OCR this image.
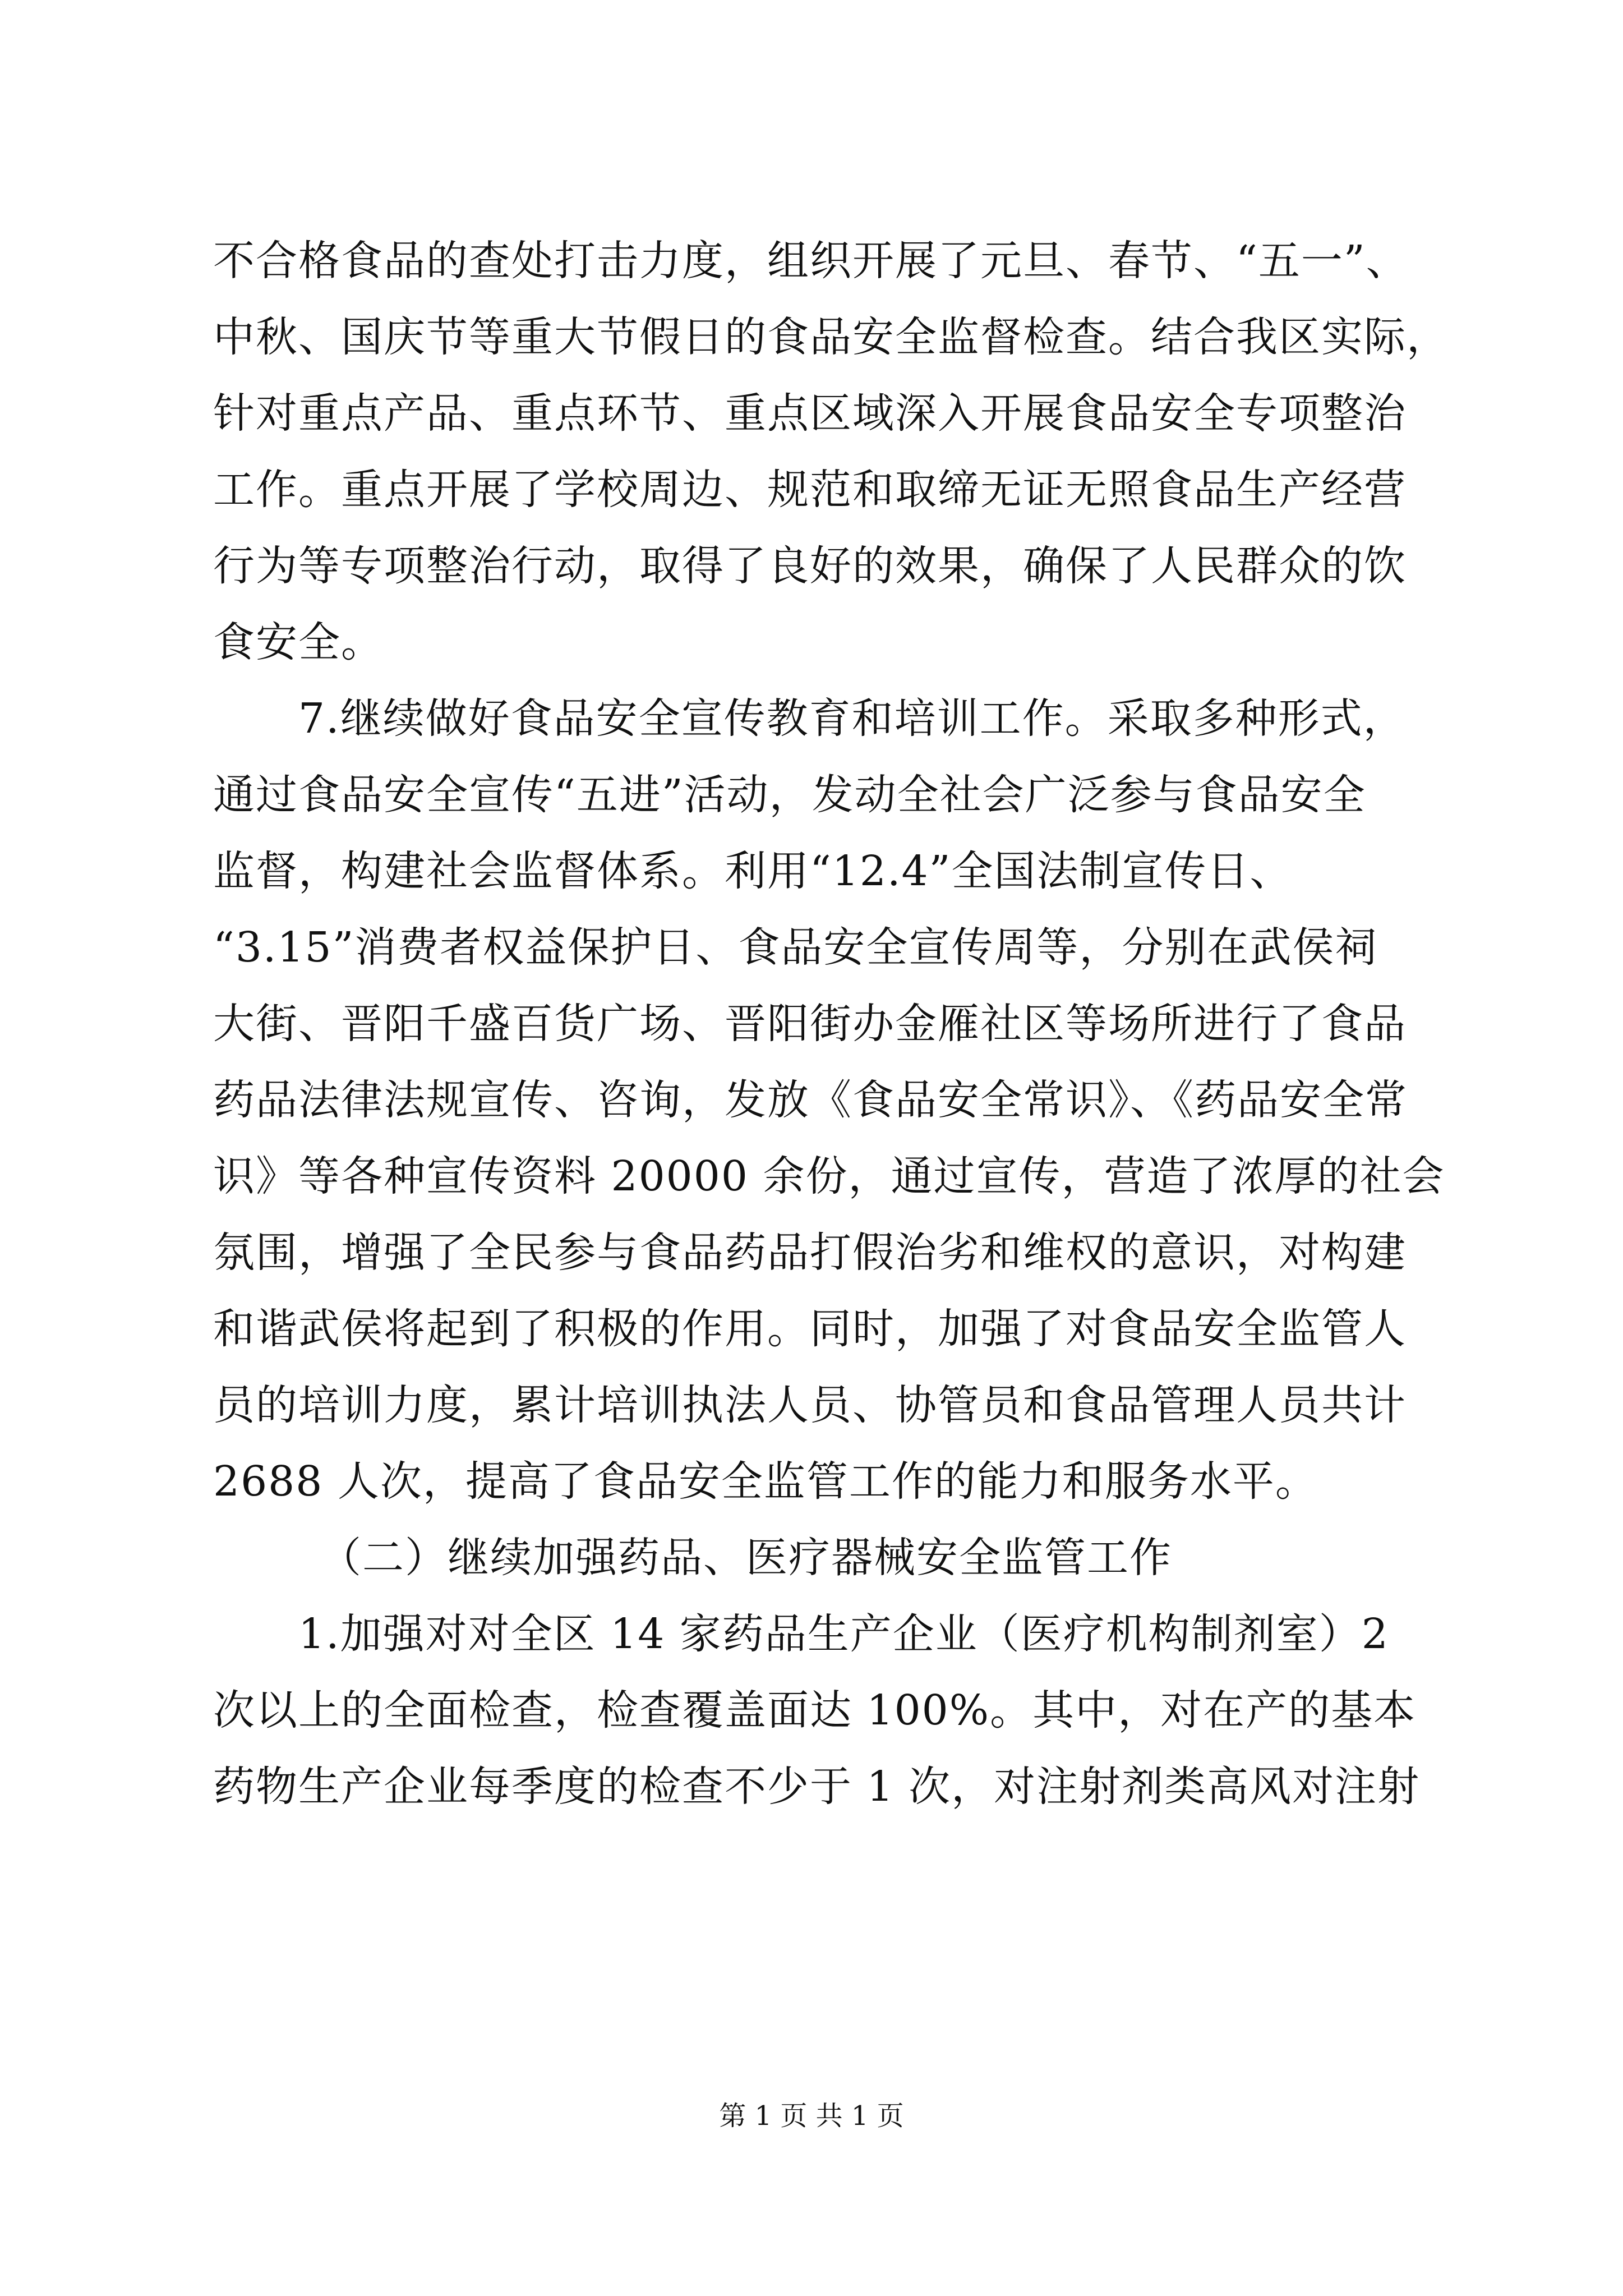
不合格食品的查处打击力度，组织开展了元旦、春节、“五一”、
中秋、国庆节等重大节假日的食品安全监督检查。结合我区实际，
针对重点产品、重点环节、重点区域深入开展食品安全专项整治
工作。重点开展了学校周边、规范和取缔无证无照食品生产经营
行为等专项整治行动，取得了良好的效果，确保了人民群众的饮
食安全。
7.继续做好食品安全宣传教育和培训工作。采取多种形式，
通过食品安全宣传“五进”活动，发动全社会广泛参与食品安全
监督，构建社会监督体系。利用“12.4”全国法制宣传日、
“3.15”消费者权益保护日、食品安全宣传周等，分别在武侯祠
大街、晋阳千盛百货广场、晋阳街办金雁社区等场所进行了食品
药品法律法规宣传、咨询，发放《食品安全常识》、《药品安全常
识》等各种宣传资料 20000 余份，通过宣传，营造了浓厚的社会
氛围，增强了全民参与食品药品打假治劣和维权的意识，对构建
和谐武侯将起到了积极的作用。同时，加强了对食品安全监管人
员的培训力度，累计培训执法人员、协管员和食品管理人员共计
2688 人次，提高了食品安全监管工作的能力和服务水平。
（二）继续加强药品、医疗器械安全监管工作
1.加强对对全区 14 家药品生产企业（医疗机构制剂室）2
次以上的全面检查，检查覆盖面达 100%。其中，对在产的基本
药物生产企业每季度的检查不少于 1 次，对注射剂类高风对注射
第 1 页 共 1 页
